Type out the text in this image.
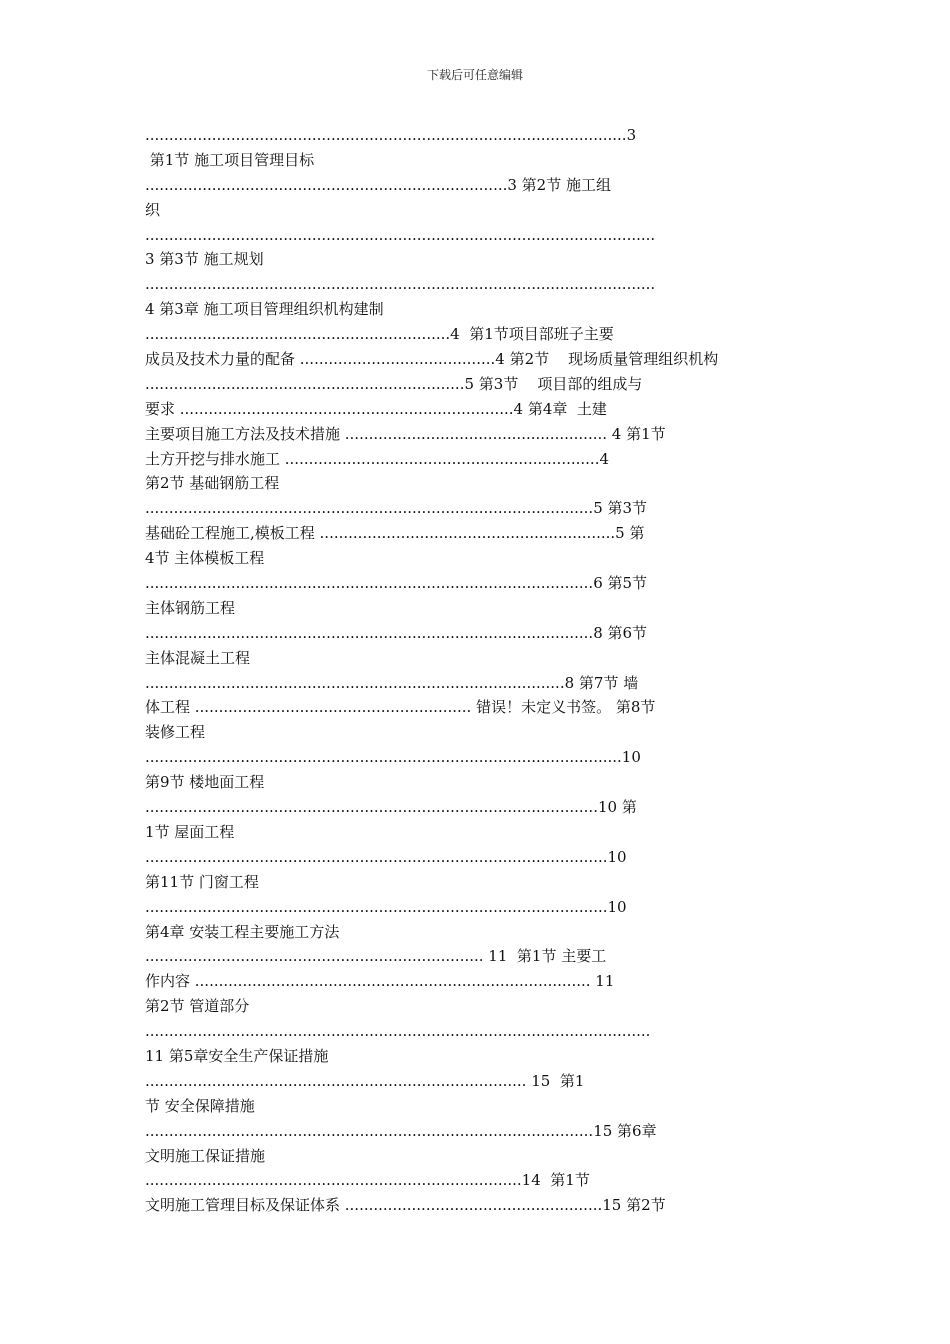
下载后可任意编辑
.....................................................................................................3
第1节 施工项目管理目标
............................................................................3 第2节 施工组
织
...........................................................................................................
3 第3节 施工规划
...........................................................................................................
4 第3章 施工项目管理组织机构建制
................................................................4  第1节项目部班子主要
成员及技术力量的配备 .........................................4 第2节    现场质量管理组织机构
...................................................................5 第3节    项目部的组成与
要求 ......................................................................4 第4章  土建
主要项目施工方法及技术措施 ....................................................... 4 第1节
土方开挖与排水施工 ..................................................................4
第2节 基础钢筋工程
..............................................................................................5 第3节
基础砼工程施工,模板工程 ..............................................................5 第
4节 主体模板工程
..............................................................................................6 第5节
主体钢筋工程
..............................................................................................8 第6节
主体混凝土工程
........................................................................................8 第7节 墙
体工程 .......................................................... 错误！未定义书签。 第8节
装修工程
....................................................................................................10
第9节 楼地面工程
...............................................................................................10 第
1节 屋面工程
.................................................................................................10
第11节 门窗工程
.................................................................................................10
第4章 安装工程主要施工方法
....................................................................... 11  第1节 主要工
作内容 ................................................................................... 11
第2节 管道部分
..........................................................................................................
11 第5章安全生产保证措施
................................................................................ 15  第1
节 安全保障措施
..............................................................................................15 第6章
文明施工保证措施
...............................................................................14  第1节
文明施工管理目标及保证体系 ......................................................15 第2节
